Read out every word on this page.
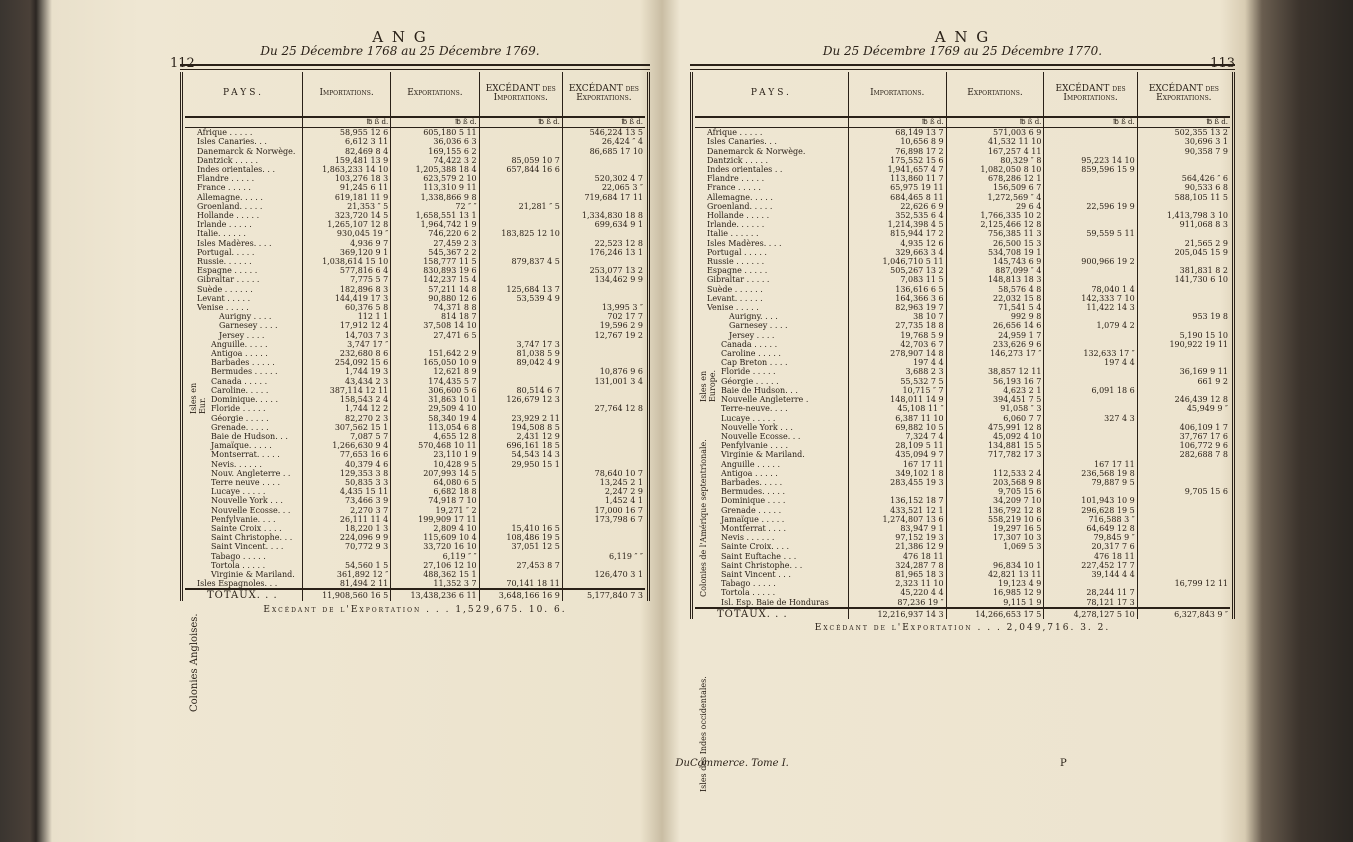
112
A N G
Du 25 Décembre 1768 au 25 Décembre 1769.
Isles en Eur.
Colonies Angloises.
PAYS.	Importations.	Exportations.	EXCÉDANT des Importations.	EXCÉDANT des Exportations.
	℔ ß d.	℔ ß d.	℔ ß d.	℔ ß d.
Afrique . . . . .	58,955 12 6	605,180 5 11		546,224 13 5
Isles Canaries. . .	6,612 3 11	36,036 6 3		26,424 ″ 4
Danemarck & Norwège.	82,469 8 4	169,155 6 2		86,685 17 10
Dantzick . . . . .	159,481 13 9	74,422 3 2	85,059 10 7	
Indes orientales. . .	1,863,233 14 10	1,205,388 18 4	657,844 16 6	
Flandre . . . . .	103,276 18 3	623,579 2 10		520,302 4 7
France . . . . .	91,245 6 11	113,310 9 11		22,065 3 ″
Allemagne. . . . .	619,181 11 9	1,338,866 9 8		719,684 17 11
Groenland. . . . .	21,353 ″ 5	72 ″ ″	21,281 ″ 5	
Hollande . . . . .	323,720 14 5	1,658,551 13 1		1,334,830 18 8
Irlande . . . . .	1,265,107 12 8	1,964,742 1 9		699,634 9 1
Italie. . . . . .	930,045 19 ″	746,220 6 2	183,825 12 10	
Isles Madères. . . .	4,936 9 7	27,459 2 3		22,523 12 8
Portugal. . . . .	369,120 9 1	545,367 2 2		176,246 13 1
Russie. . . . . .	1,038,614 15 10	158,777 11 5	879,837 4 5	
Espagne . . . . .	577,816 6 4	830,893 19 6		253,077 13 2
Gibraltar . . . . .	7,775 5 7	142,237 15 4		134,462 9 9
Suède . . . . . .	182,896 8 3	57,211 14 8	125,684 13 7	
Levant . . . . .	144,419 17 3	90,880 12 6	53,539 4 9	
Venise . . . . .	60,376 5 8	74,371 8 8		13,995 3 ″
Aurigny . . . .	112 1 1	814 18 7		702 17 7
Garnesey . . . .	17,912 12 4	37,508 14 10		19,596 2 9
Jersey . . . .	14,703 7 3	27,471 6 5		12,767 19 2
Anguille. . . . .	3,747 17 ″		3,747 17 3	
Antigoa . . . . .	232,680 8 6	151,642 2 9	81,038 5 9	
Barbades . . . . .	254,092 15 6	165,050 10 9	89,042 4 9	
Bermudes . . . . .	1,744 19 3	12,621 8 9		10,876 9 6
Canada . . . . .	43,434 2 3	174,435 5 7		131,001 3 4
Caroline. . . . .	387,114 12 11	306,600 5 6	80,514 6 7	
Dominique. . . . .	158,543 2 4	31,863 10 1	126,679 12 3	
Floride . . . . .	1,744 12 2	29,509 4 10		27,764 12 8
Géorgie . . . . .	82,270 2 3	58,340 19 4	23,929 2 11	
Grenade. . . . .	307,562 15 1	113,054 6 8	194,508 8 5	
Baie de Hudson. . .	7,087 5 7	4,655 12 8	2,431 12 9	
Jamaïque. . . . .	1,266,630 9 4	570,468 10 11	696,161 18 5	
Montserrat. . . . .	77,653 16 6	23,110 1 9	54,543 14 3	
Nevis. . . . . .	40,379 4 6	10,428 9 5	29,950 15 1	
Nouv. Angleterre . .	129,353 3 8	207,993 14 5		78,640 10 7
Terre neuve . . . .	50,835 3 3	64,080 6 5		13,245 2 1
Lucaye . . . . .	4,435 15 11	6,682 18 8		2,247 2 9
Nouvelle York . . .	73,466 3 9	74,918 7 10		1,452 4 1
Nouvelle Ecosse. . .	2,270 3 7	19,271 ″ 2		17,000 16 7
Penfylvanie. . . .	26,111 11 4	199,909 17 11		173,798 6 7
Sainte Croix . . . .	18,220 1 3	2,809 4 10	15,410 16 5	
Saint Christophe. . .	224,096 9 9	115,609 10 4	108,486 19 5	
Saint Vincent. . . .	70,772 9 3	33,720 16 10	37,051 12 5	
Tabago . . . . .		6,119 ″ ″		6,119 ″ ″
Tortola . . . . .	54,560 1 5	27,106 12 10	27,453 8 7	
Virginie & Mariland.	361,892 12 ″	488,362 15 1		126,470 3 1
Isles Espagnoles. . .	81,494 2 11	11,352 3 7	70,141 18 11	
TOTAUX. . .	11,908,560 16 5	13,438,236 6 11	3,648,166 16 9	5,177,840 7 3
Excédant de l'Exportation . . . 1,529,675. 10. 6.
Du
113
A N G
Du 25 Décembre 1769 au 25 Décembre 1770.
Isles en Europe.
Colonies de l'Amérique septentrionale.
Isles des Indes occidentales.
PAYS.	Importations.	Exportations.	EXCÉDANT des Importations.	EXCÉDANT des Exportations.
	℔ ß d.	℔ ß d.	℔ ß d.	℔ ß d.
Afrique . . . . .	68,149 13 7	571,003 6 9		502,355 13 2
Isles Canaries. . .	10,656 8 9	41,532 11 10		30,696 3 1
Danemarck & Norwège.	76,898 17 2	167,257 4 11		90,358 7 9
Dantzick . . . . .	175,552 15 6	80,329 ″ 8	95,223 14 10	
Indes orientales . .	1,941,657 4 7	1,082,050 8 10	859,596 15 9	
Flandre . . . . .	113,860 11 7	678,286 12 1		564,426 ″ 6
France . . . . .	65,975 19 11	156,509 6 7		90,533 6 8
Allemagne. . . . .	684,465 8 11	1,272,569 ″ 4		588,105 11 5
Groenland. . . . .	22,626 6 9	29 6 4	22,596 19 9	
Hollande . . . . .	352,535 6 4	1,766,335 10 2		1,413,798 3 10
Irlande. . . . . .	1,214,398 4 5	2,125,466 12 8		911,068 8 3
Italie . . . . . .	815,944 17 2	756,385 11 3	59,559 5 11	
Isles Madères. . . .	4,935 12 6	26,500 15 3		21,565 2 9
Portugal . . . . .	329,663 3 4	534,708 19 1		205,045 15 9
Russie . . . . . .	1,046,710 5 11	145,743 6 9	900,966 19 2	
Espagne . . . . .	505,267 13 2	887,099 ″ 4		381,831 8 2
Gibraltar . . . . .	7,083 11 5	148,813 18 3		141,730 6 10
Suède . . . . . .	136,616 6 5	58,576 4 8	78,040 1 4	
Levant. . . . . .	164,366 3 6	22,032 15 8	142,333 7 10	
Venise . . . . .	82,963 19 7	71,541 5 4	11,422 14 3	
Aurigny. . . .	38 10 7	992 9 8		953 19 8
Garnesey . . . .	27,735 18 8	26,656 14 6	1,079 4 2	
Jersey . . . .	19,768 5 9	24,959 1 7		5,190 15 10
Canada . . . . .	42,703 6 7	233,626 9 6		190,922 19 11
Caroline . . . . .	278,907 14 8	146,273 17 ″	132,633 17 ″	
Cap Breton . . . .	197 4 4		197 4 4	
Floride . . . . .	3,688 2 3	38,857 12 11		36,169 9 11
Géorgie . . . . .	55,532 7 5	56,193 16 7		661 9 2
Baie de Hudson. . .	10,715 ″ 7	4,623 2 1	6,091 18 6	
Nouvelle Angleterre .	148,011 14 9	394,451 7 5		246,439 12 8
Terre-neuve. . . .	45,108 11 ″	91,058 ″ 3		45,949 9 ″
Lucaye . . . . .	6,387 11 10	6,060 7 7	327 4 3	
Nouvelle York . . .	69,882 10 5	475,991 12 8		406,109 1 7
Nouvelle Ecosse. . .	7,324 7 4	45,092 4 10		37,767 17 6
Penfylvanie . . . .	28,109 5 11	134,881 15 5		106,772 9 6
Virginie & Mariland.	435,094 9 7	717,782 17 3		282,688 7 8
Anguille . . . . .	167 17 11		167 17 11	
Antigoa . . . . .	349,102 1 8	112,533 2 4	236,568 19 8	
Barbades. . . . .	283,455 19 3	203,568 9 8	79,887 9 5	
Bermudes. . . . .		9,705 15 6		9,705 15 6
Dominique . . . .	136,152 18 7	34,209 7 10	101,943 10 9	
Grenade . . . . .	433,521 12 1	136,792 12 8	296,628 19 5	
Jamaïque . . . . .	1,274,807 13 6	558,219 10 6	716,588 3 ″	
Montferrat . . . .	83,947 9 1	19,297 16 5	64,649 12 8	
Nevis . . . . . .	97,152 19 3	17,307 10 3	79,845 9 ″	
Sainte Croix. . . .	21,386 12 9	1,069 5 3	20,317 7 6	
Saint Euftache . . .	476 18 11		476 18 11	
Saint Christophe. . .	324,287 7 8	96,834 10 1	227,452 17 7	
Saint Vincent . . .	81,965 18 3	42,821 13 11	39,144 4 4	
Tabago . . . . .	2,323 11 10	19,123 4 9		16,799 12 11
Tortola . . . . .	45,220 4 4	16,985 12 9	28,244 11 7	
Isl. Esp. Baie de Honduras	87,236 19 ″	9,115 1 9	78,121 17 3	
TOTAUX. . .	12,216,937 14 3	14,266,653 17 5	4,278,127 5 10	6,327,843 9 ″
Excédant de l'Exportation . . . 2,049,716. 3. 2.
Commerce. Tome I.	P
